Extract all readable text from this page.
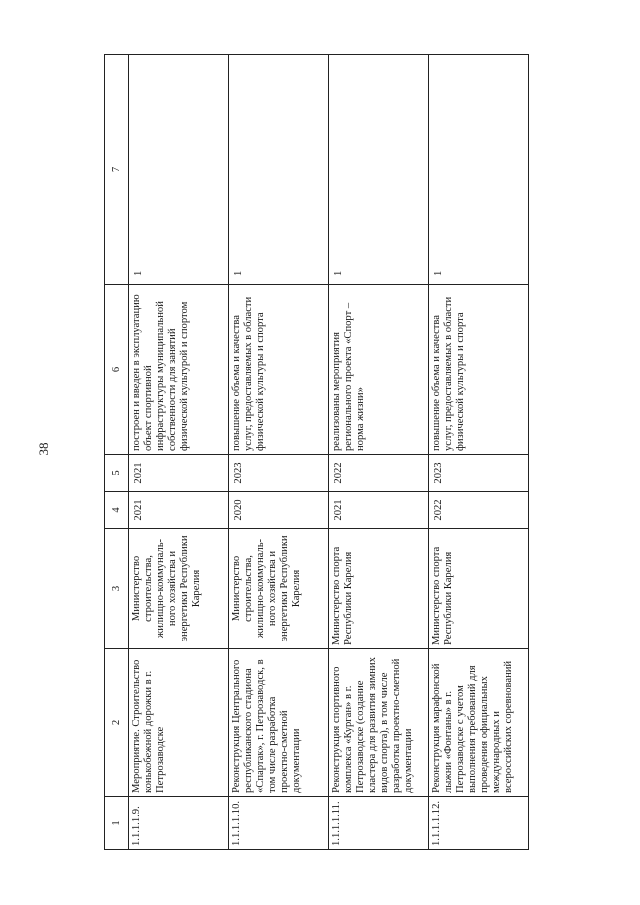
38
1	2	3	4	5	6	7
1.1.1.1.9.	Мероприятие. Строительство конькобежной дорожки в г. Петрозаводске	Министерство строительства, жилищно-коммуналь-ного хозяйства и энергетики Республики Карелия	2021	2021	построен и введен в эксплуатацию объект спортивной инфраструктуры муниципальной собственности для занятий физической культурой и спортом	1
1.1.1.1.10.	Реконструкция Центрального республиканского стадиона «Спартак», г. Петрозаводск, в том числе разработка проектно-сметной документации	Министерство строительства, жилищно-коммуналь-ного хозяйства и энергетики Республики Карелия	2020	2023	повышение объема и качества услуг, предоставляемых в области физической культуры и спорта	1
1.1.1.1.11.	Реконструкция спортивного комплекса «Курган» в г. Петрозаводске (создание кластера для развития зимних видов спорта), в том числе разработка проектно-сметной документации	Министерство спорта Республики Карелия	2021	2022	реализованы мероприятия регионального проекта «Спорт – норма жизни»	1
1.1.1.1.12.	Реконструкция марафонской лыжни «Фонтаны» в г. Петрозаводске с учетом выполнения требований для проведения официальных международных и всероссийских соревнований	Министерство спорта Республики Карелия	2022	2023	повышение объема и качества услуг, предоставляемых в области физической культуры и спорта	1
